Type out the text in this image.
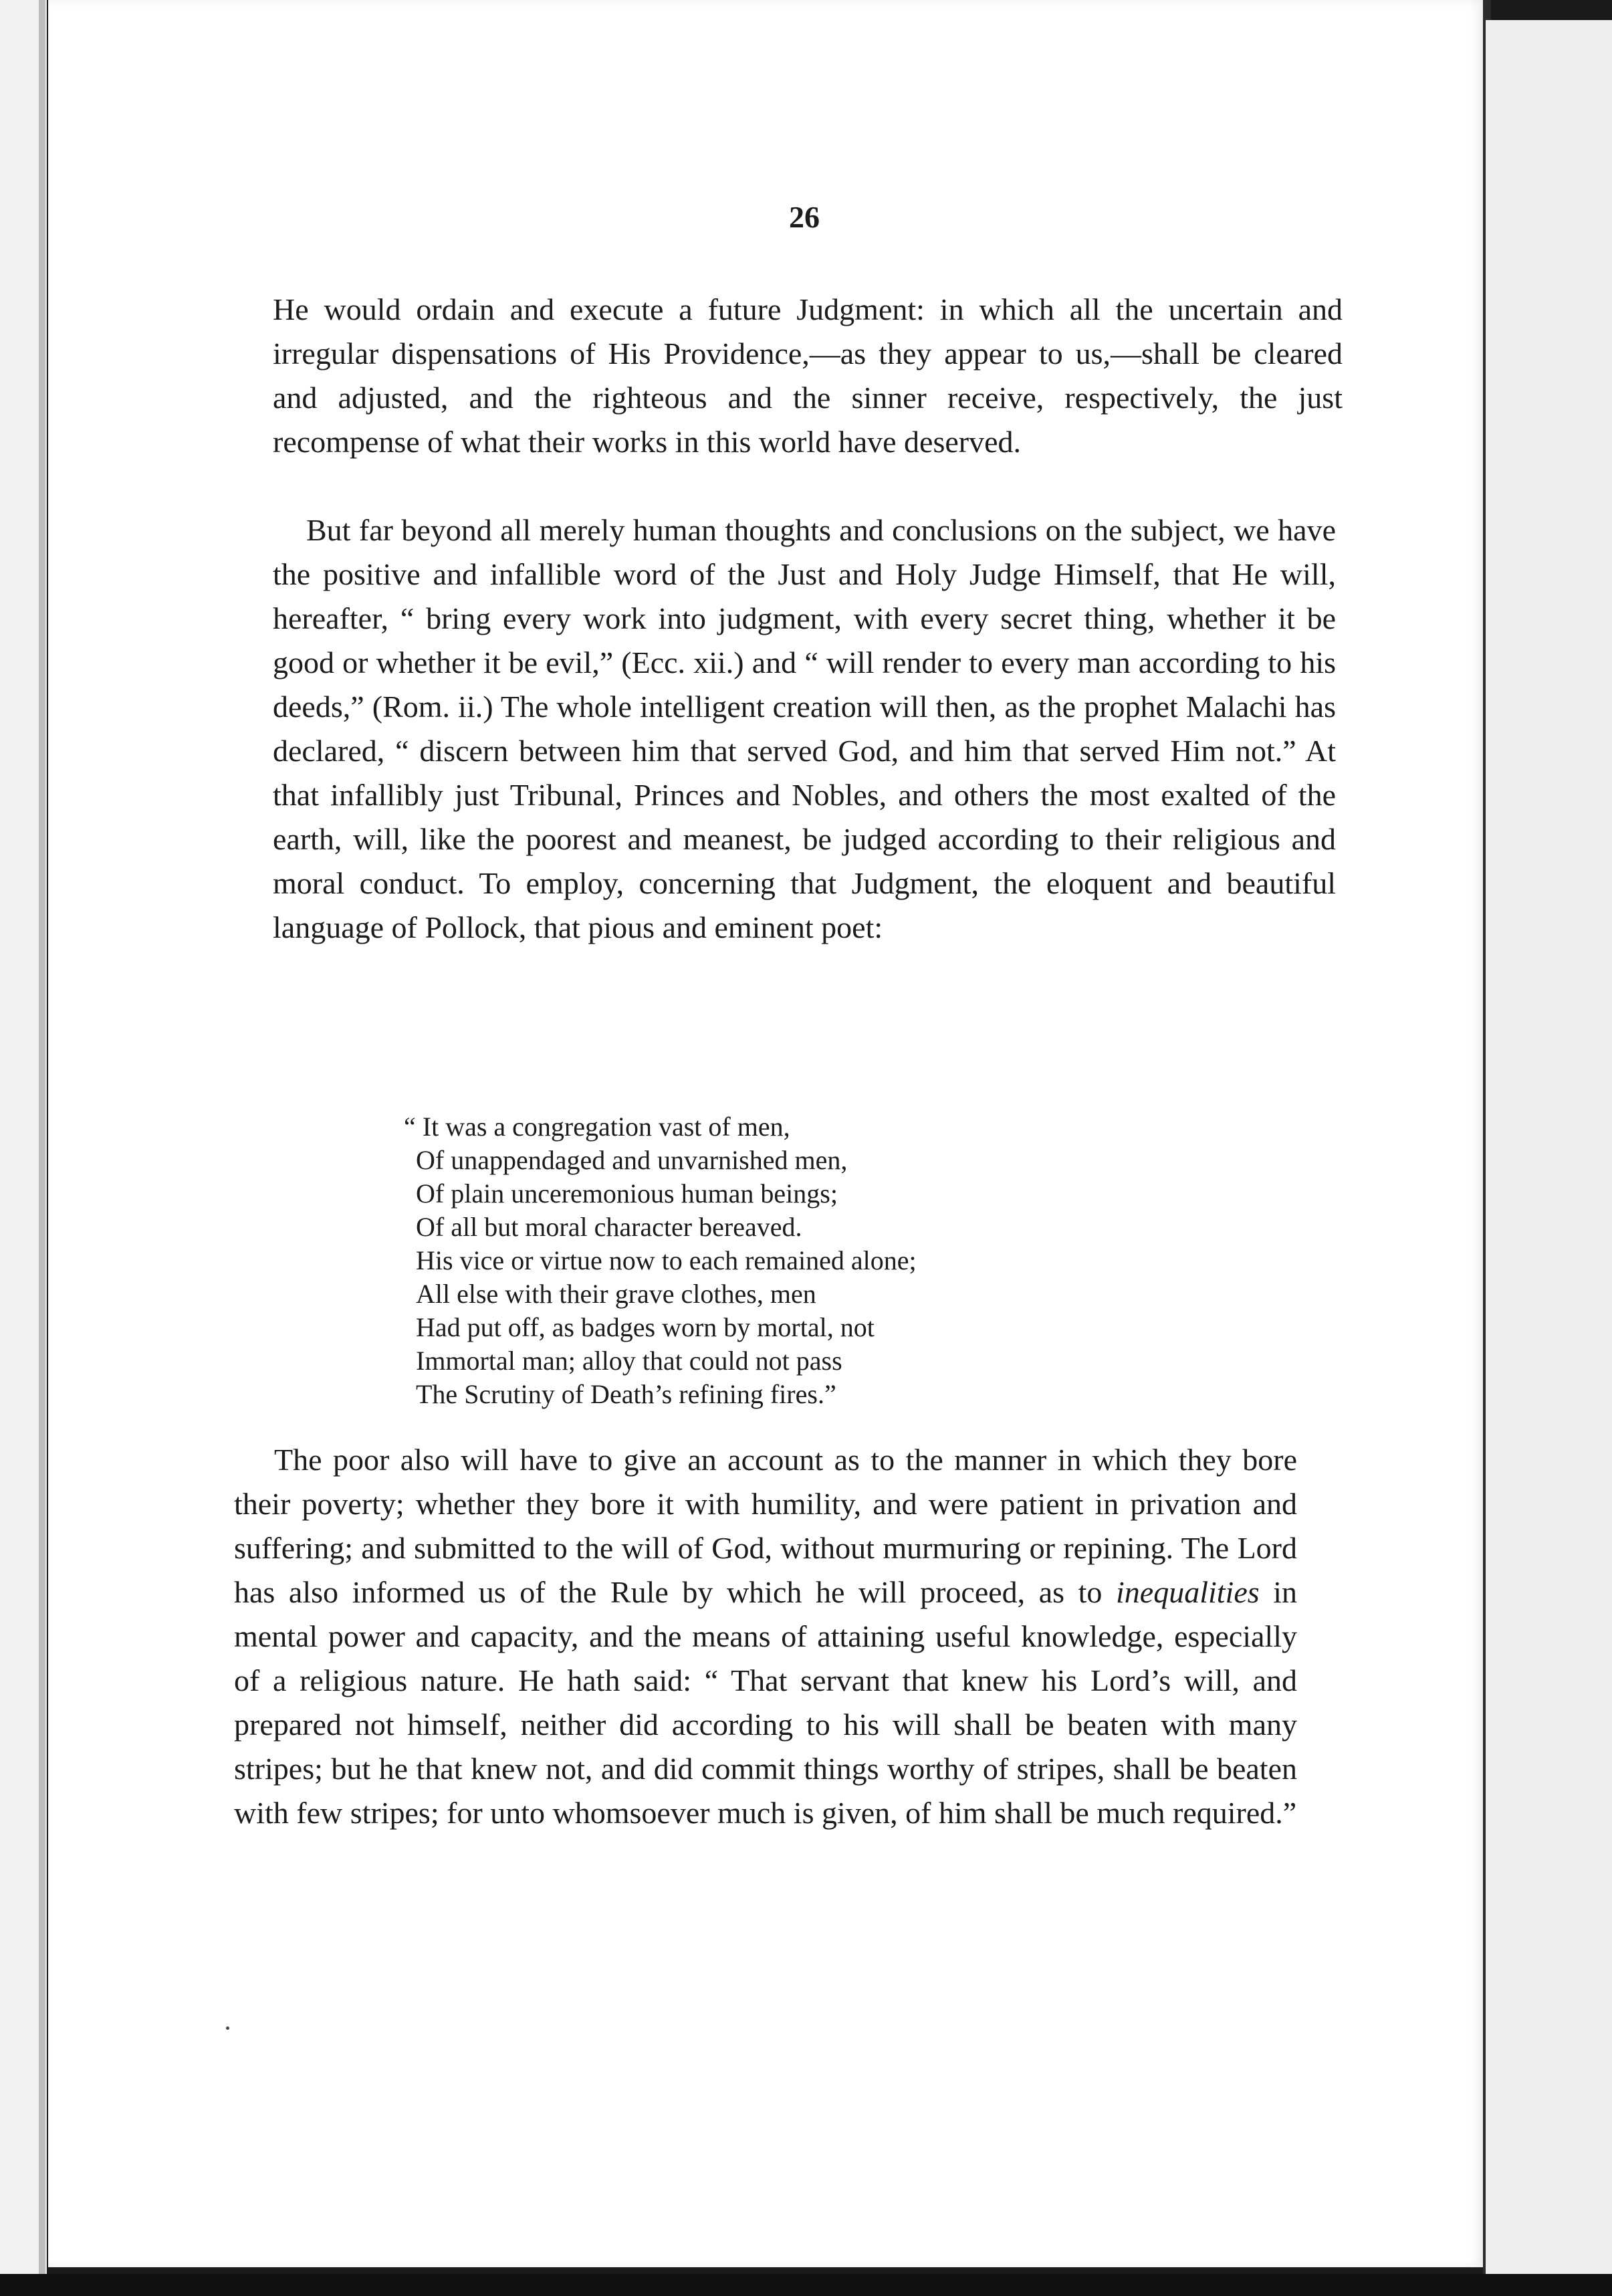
26

He would ordain and execute a future Judgment: in which all the uncertain and irregular dispensations of His Providence,—as they appear to us,—shall be cleared and adjusted, and the righteous and the sinner receive, respectively, the just recompense of what their works in this world have deserved.

But far beyond all merely human thoughts and conclusions on the subject, we have the positive and infallible word of the Just and Holy Judge Himself, that He will, hereafter, “ bring every work into judgment, with every secret thing, whether it be good or whether it be evil,” (Ecc. xii.) and “ will render to every man according to his deeds,” (Rom. ii.) The whole intelligent creation will then, as the prophet Malachi has declared, “ discern between him that served God, and him that served Him not.” At that infallibly just Tribunal, Princes and Nobles, and others the most exalted of the earth, will, like the poorest and meanest, be judged according to their religious and moral conduct. To employ, concerning that Judgment, the eloquent and beautiful language of Pollock, that pious and eminent poet:

“ It was a congregation vast of men,
Of unappendaged and unvarnished men,
Of plain unceremonious human beings;
Of all but moral character bereaved.
His vice or virtue now to each remained alone;
All else with their grave clothes, men
Had put off, as badges worn by mortal, not
Immortal man; alloy that could not pass
The Scrutiny of Death’s refining fires.”

The poor also will have to give an account as to the manner in which they bore their poverty; whether they bore it with humility, and were patient in privation and suffering; and submitted to the will of God, without murmuring or repining. The Lord has also informed us of the Rule by which he will proceed, as to inequalities in mental power and capacity, and the means of attaining useful knowledge, especially of a religious nature. He hath said: “ That servant that knew his Lord’s will, and prepared not himself, neither did according to his will shall be beaten with many stripes; but he that knew not, and did commit things worthy of stripes, shall be beaten with few stripes; for unto whomsoever much is given, of him shall be much required.”
